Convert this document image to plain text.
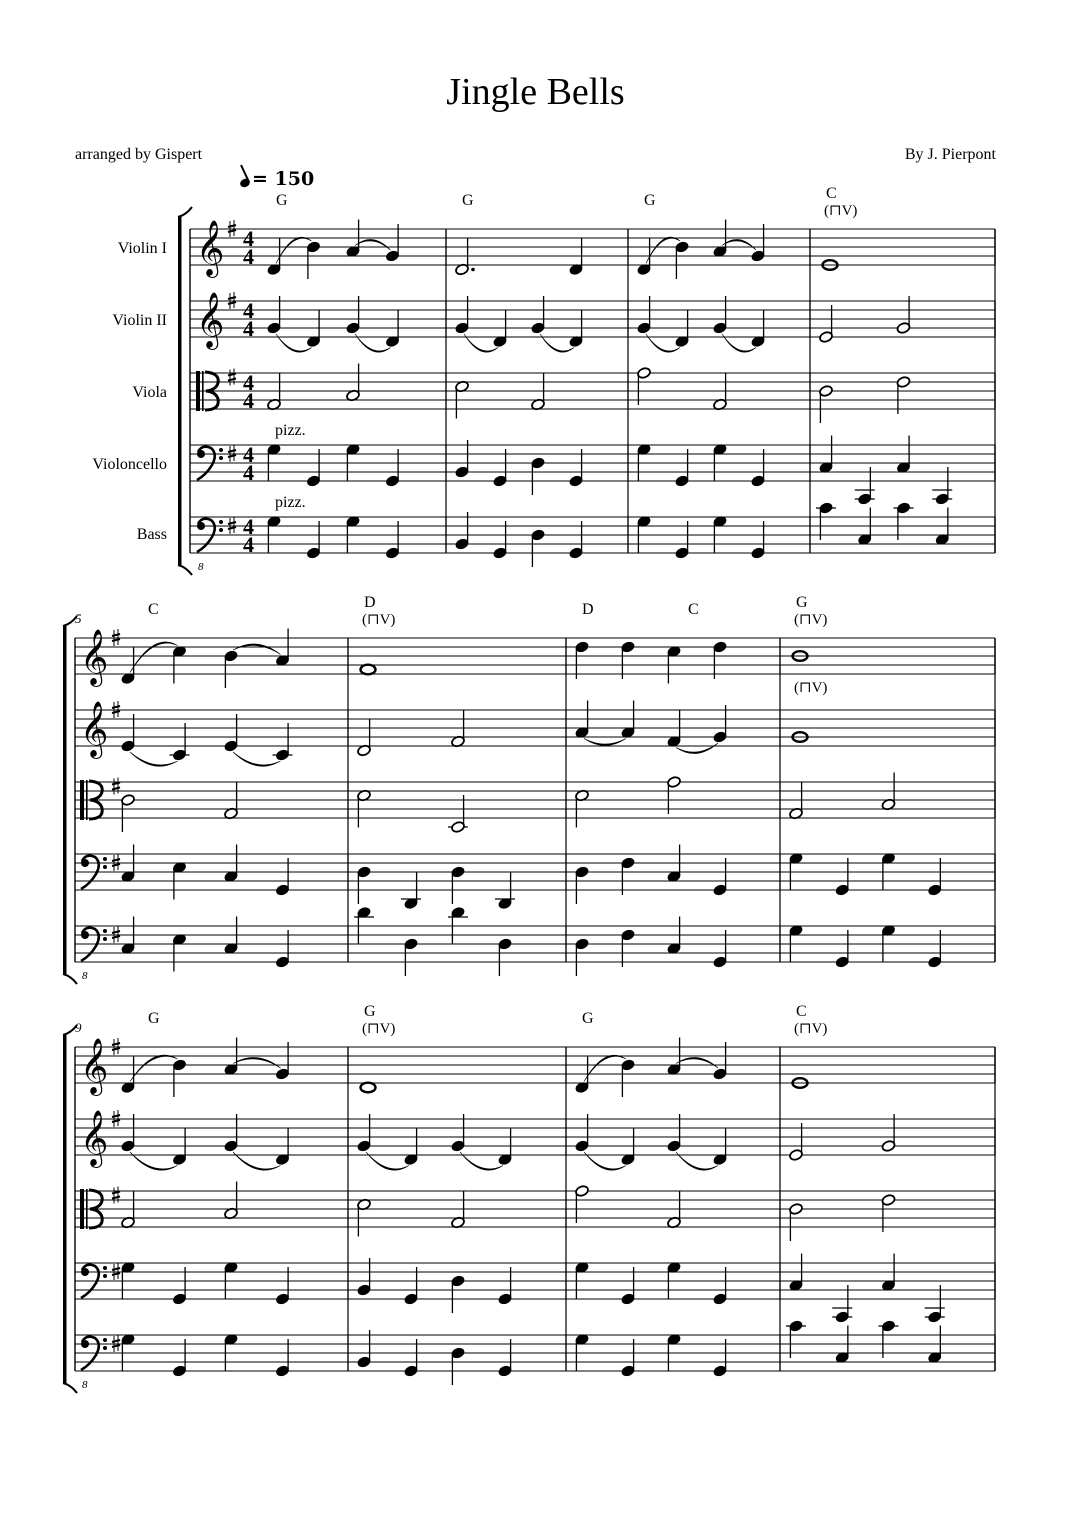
Jingle Bells
arranged by Gispert	By J. Pierpont
= 150
Violin I
Violin II
Viola
Violoncello
Bass
pizz.
pizz.
5
9
𝄞 4
4
(⊓V)
𝄞 4
4
4
4
4
4
8
4
4
G	G	G	C
𝄞
(⊓V)	(⊓V)
(⊓V)
𝄞
8
C	D	D	C	G
𝄞
(⊓V)	(⊓V)
𝄞
8
G	G	G	C
